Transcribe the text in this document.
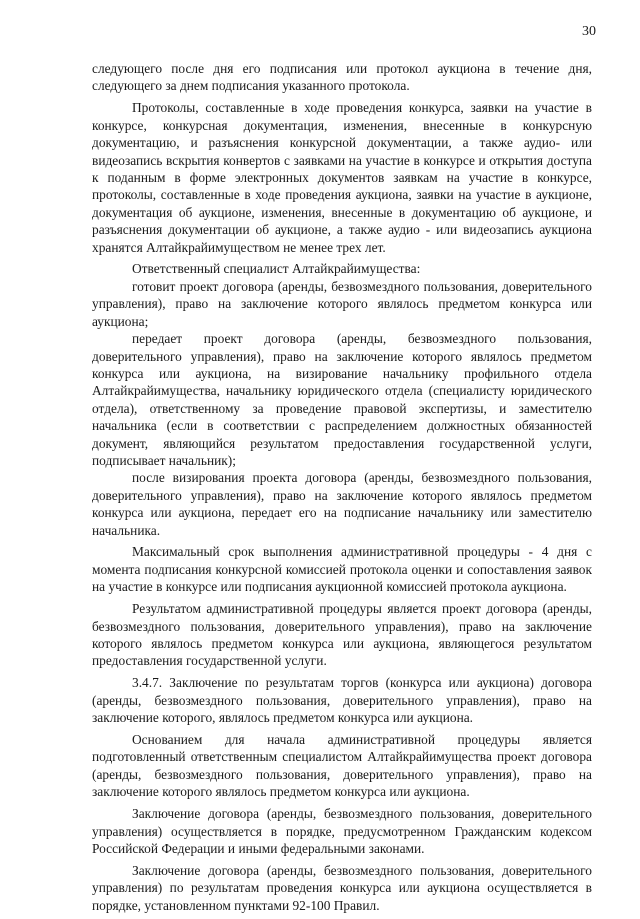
30

следующего после дня его подписания или протокол аукциона в течение дня, следующего за днем подписания указанного протокола.

Протоколы, составленные в ходе проведения конкурса, заявки на участие в конкурсе, конкурсная документация, изменения, внесенные в конкурсную документацию, и разъяснения конкурсной документации, а также аудио- или видеозапись вскрытия конвертов с заявками на участие в конкурсе и открытия доступа к поданным в форме электронных документов заявкам на участие в конкурсе, протоколы, составленные в ходе проведения аукциона, заявки на участие в аукционе, документация об аукционе, изменения, внесенные в документацию об аукционе, и разъяснения документации об аукционе, а также аудио - или видеозапись аукциона хранятся Алтайкрайимуществом не менее трех лет.

Ответственный специалист Алтайкрайимущества:

готовит проект договора (аренды, безвозмездного пользования, доверительного управления), право на заключение которого являлось предметом конкурса или аукциона;

передает проект договора (аренды, безвозмездного пользования, доверительного управления), право на заключение которого являлось предметом конкурса или аукциона, на визирование начальнику профильного отдела Алтайкрайимущества, начальнику юридического отдела (специалисту юридического отдела), ответственному за проведение правовой экспертизы, и заместителю начальника (если в соответствии с распределением должностных обязанностей документ, являющийся результатом предоставления государственной услуги, подписывает начальник);

после визирования проекта договора (аренды, безвозмездного пользования, доверительного управления), право на заключение которого являлось предметом конкурса или аукциона, передает его на подписание начальнику или заместителю начальника.

Максимальный срок выполнения административной процедуры - 4 дня с момента подписания конкурсной комиссией протокола оценки и сопоставления заявок на участие в конкурсе или подписания аукционной комиссией протокола аукциона.

Результатом административной процедуры является проект договора (аренды, безвозмездного пользования, доверительного управления), право на заключение которого являлось предметом конкурса или аукциона, являющегося результатом предоставления государственной услуги.

3.4.7. Заключение по результатам торгов (конкурса или аукциона) договора (аренды, безвозмездного пользования, доверительного управления), право на заключение которого, являлось предметом конкурса или аукциона.

Основанием для начала административной процедуры является подготовленный ответственным специалистом Алтайкрайимущества проект договора (аренды, безвозмездного пользования, доверительного управления), право на заключение которого являлось предметом конкурса или аукциона.

Заключение договора (аренды, безвозмездного пользования, доверительного управления) осуществляется в порядке, предусмотренном Гражданским кодексом Российской Федерации и иными федеральными законами.

Заключение договора (аренды, безвозмездного пользования, доверительного управления) по результатам проведения конкурса или аукциона осуществляется в порядке, установленном пунктами 92-100 Правил.
